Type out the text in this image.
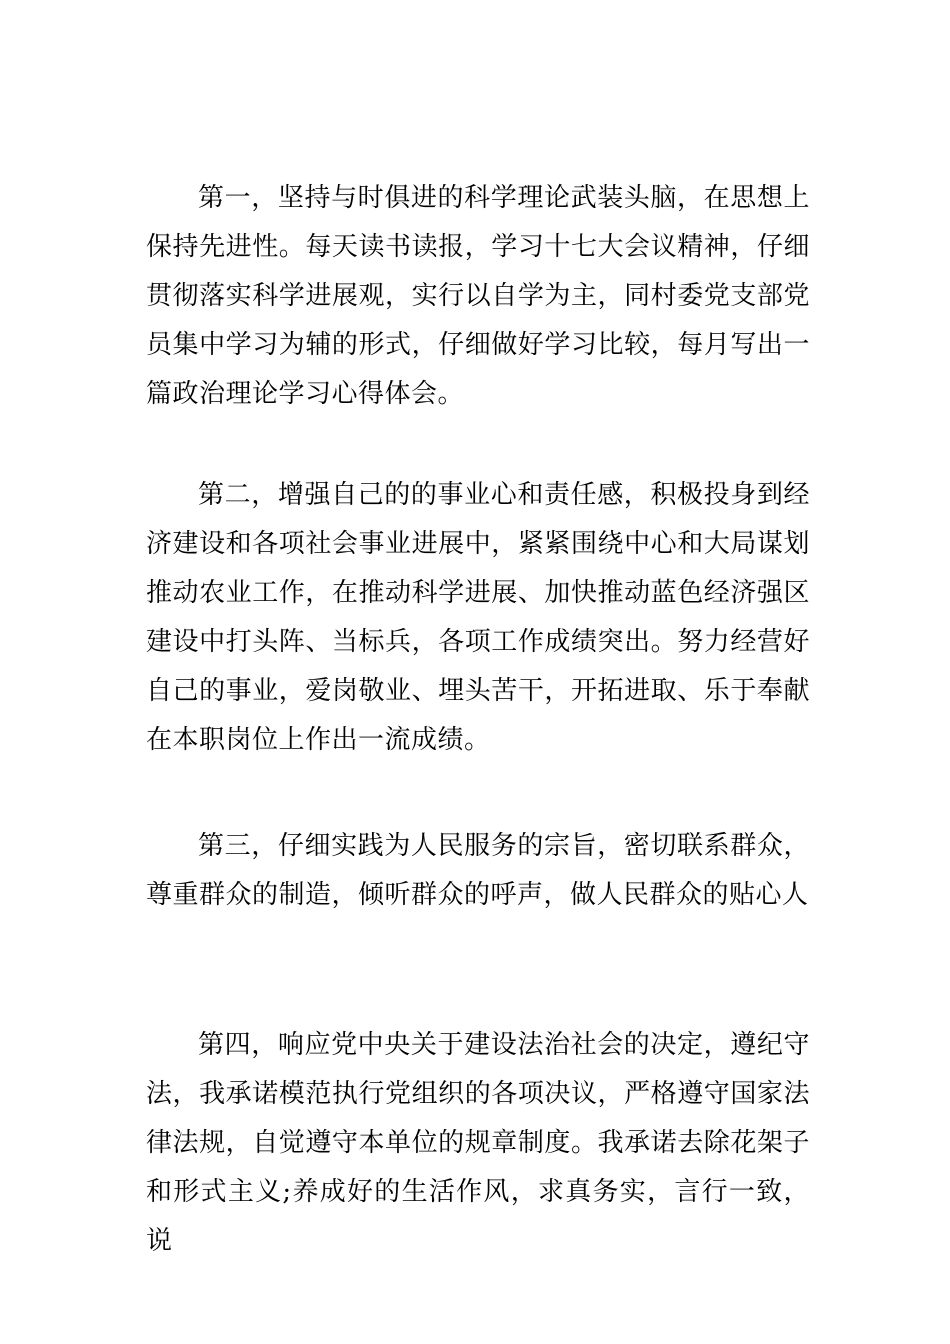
第一，坚持与时俱进的科学理论武装头脑，在思想上保持先进性。每天读书读报，学习十七大会议精神，仔细贯彻落实科学进展观，实行以自学为主，同村委党支部党员集中学习为辅的形式，仔细做好学习比较，每月写出一篇政治理论学习心得体会。

第二，增强自己的的事业心和责任感，积极投身到经济建设和各项社会事业进展中，紧紧围绕中心和大局谋划推动农业工作，在推动科学进展、加快推动蓝色经济强区建设中打头阵、当标兵，各项工作成绩突出。努力经营好自己的事业，爱岗敬业、埋头苦干，开拓进取、乐于奉献在本职岗位上作出一流成绩。

第三，仔细实践为人民服务的宗旨，密切联系群众，尊重群众的制造，倾听群众的呼声，做人民群众的贴心人

第四，响应党中央关于建设法治社会的决定，遵纪守法，我承诺模范执行党组织的各项决议，严格遵守国家法律法规，自觉遵守本单位的规章制度。我承诺去除花架子和形式主义;养成好的生活作风，求真务实，言行一致，说
